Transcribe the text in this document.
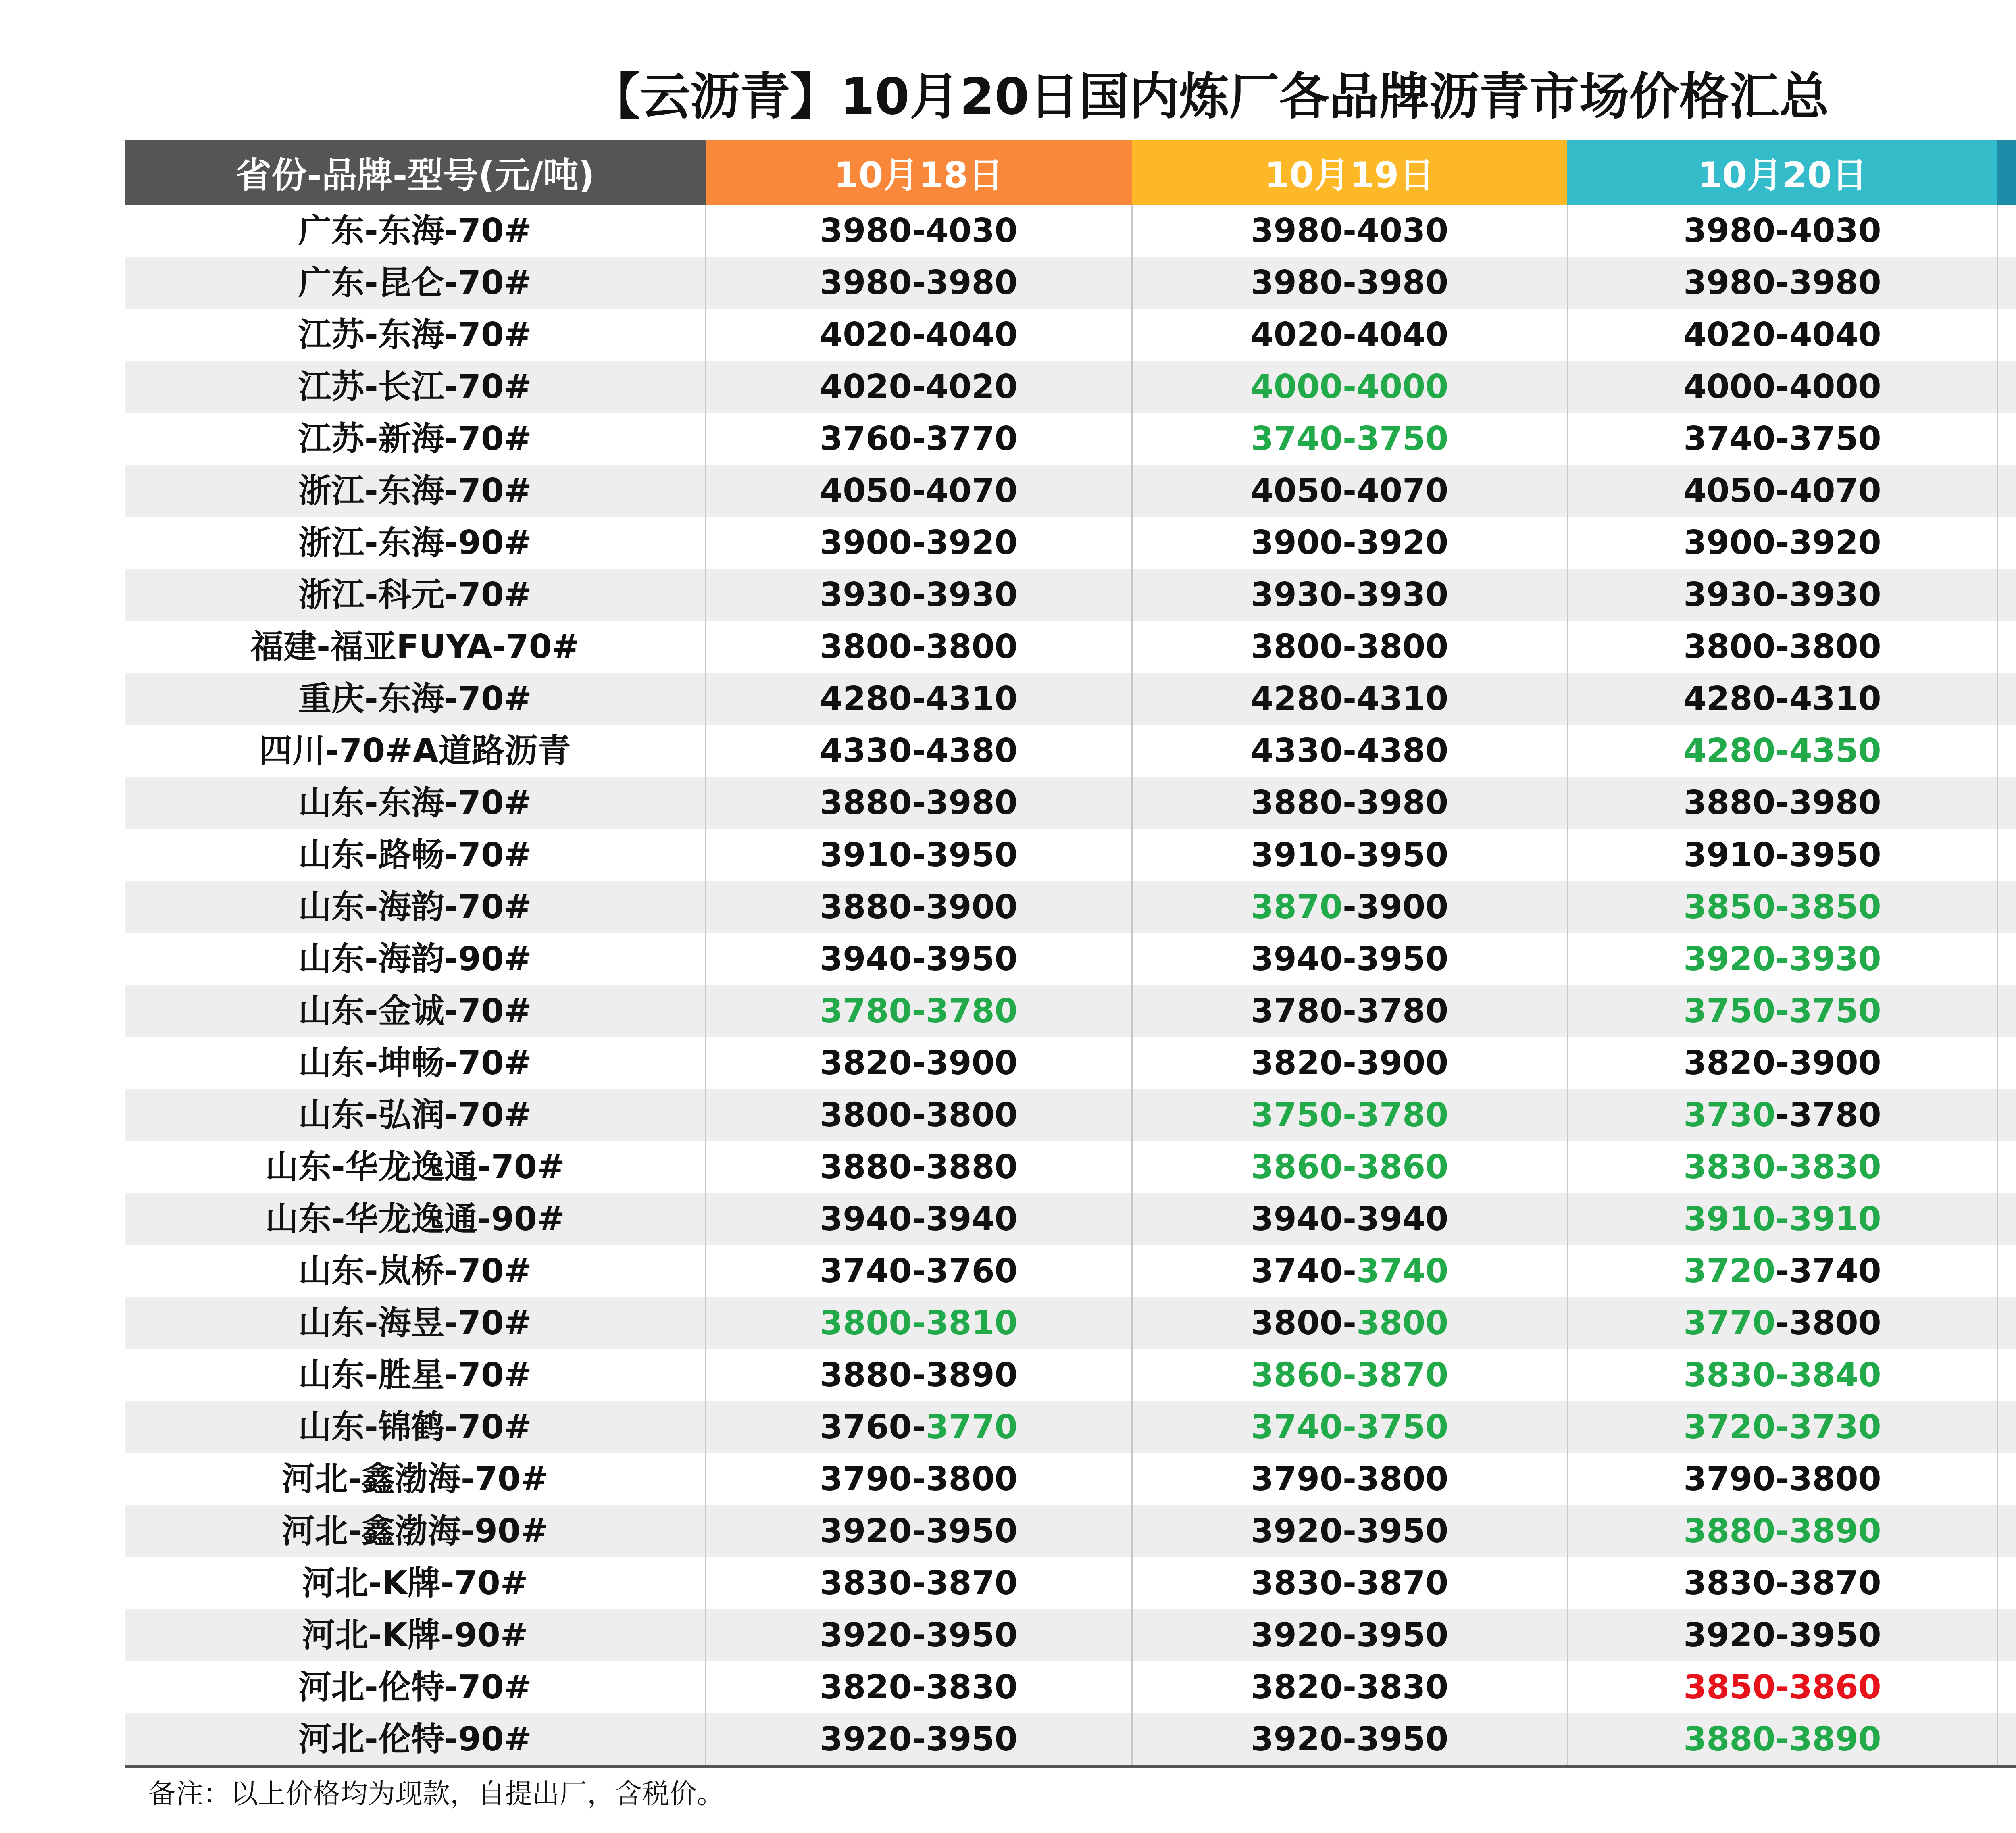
【云沥青】10月20日国内炼厂各品牌沥青市场价格汇总
省份-品牌-型号(元/吨)	10月18日	10月19日	10月20日	
广东-东海-70#	3980-4030	3980-4030	3980-4030	
广东-昆仑-70#	3980-3980	3980-3980	3980-3980	
江苏-东海-70#	4020-4040	4020-4040	4020-4040	
江苏-长江-70#	4020-4020	4000-4000	4000-4000	
江苏-新海-70#	3760-3770	3740-3750	3740-3750	
浙江-东海-70#	4050-4070	4050-4070	4050-4070	
浙江-东海-90#	3900-3920	3900-3920	3900-3920	
浙江-科元-70#	3930-3930	3930-3930	3930-3930	
福建-福亚FUYA-70#	3800-3800	3800-3800	3800-3800	
重庆-东海-70#	4280-4310	4280-4310	4280-4310	
四川-70#A道路沥青	4330-4380	4330-4380	4280-4350	
山东-东海-70#	3880-3980	3880-3980	3880-3980	
山东-路畅-70#	3910-3950	3910-3950	3910-3950	
山东-海韵-70#	3880-3900	3870-3900	3850-3850	
山东-海韵-90#	3940-3950	3940-3950	3920-3930	
山东-金诚-70#	3780-3780	3780-3780	3750-3750	
山东-坤畅-70#	3820-3900	3820-3900	3820-3900	
山东-弘润-70#	3800-3800	3750-3780	3730-3780	
山东-华龙逸通-70#	3880-3880	3860-3860	3830-3830	
山东-华龙逸通-90#	3940-3940	3940-3940	3910-3910	
山东-岚桥-70#	3740-3760	3740-3740	3720-3740	
山东-海昱-70#	3800-3810	3800-3800	3770-3800	
山东-胜星-70#	3880-3890	3860-3870	3830-3840	
山东-锦鹤-70#	3760-3770	3740-3750	3720-3730	
河北-鑫渤海-70#	3790-3800	3790-3800	3790-3800	
河北-鑫渤海-90#	3920-3950	3920-3950	3880-3890	
河北-K牌-70#	3830-3870	3830-3870	3830-3870	
河北-K牌-90#	3920-3950	3920-3950	3920-3950	
河北-伦特-70#	3820-3830	3820-3830	3850-3860	
河北-伦特-90#	3920-3950	3920-3950	3880-3890	
备注：以上价格均为现款，自提出厂，含税价。
